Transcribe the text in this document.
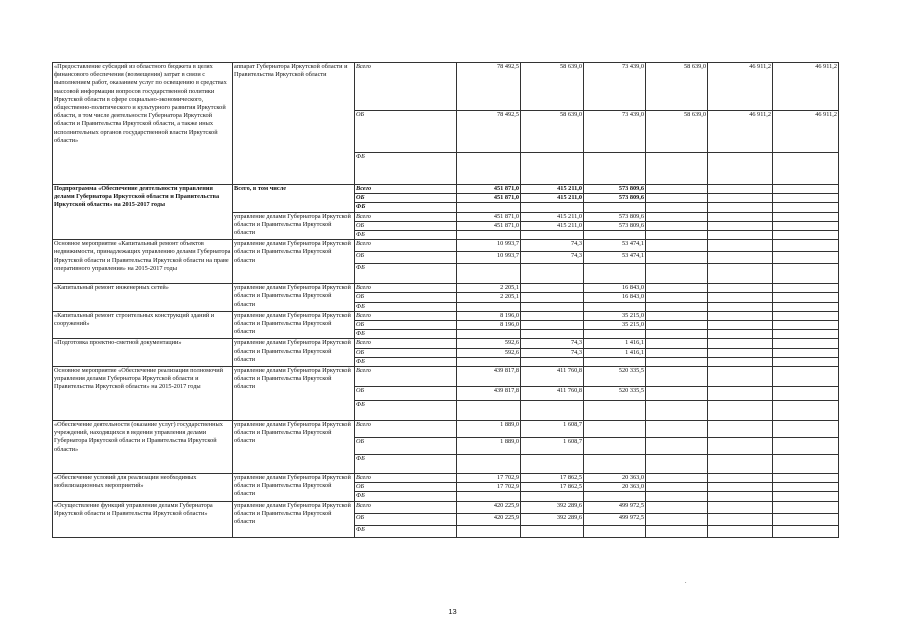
«Предоставление субсидий из областного бюджета в целях финансового обеспечения (возмещения) затрат в связи с выполнением работ, оказанием услуг по освещению в средствах массовой информации вопросов государственной политики Иркутской области в сфере социально-экономического, общественно-политического и культурного развития Иркутской области, в том числе деятельности Губернатора Иркутской области и Правительства Иркутской области, а также иных исполнительных органов государственной власти Иркутской области»	аппарат Губернатора Иркутской области и Правительства Иркутской области	Всего	78 492,5	58 639,0	73 439,0	58 639,0	46 911,2	46 911,2
		ОБ	78 492,5	58 639,0	73 439,0	58 639,0	46 911,2	46 911,2
		ФБ						
Подпрограмма «Обеспечение деятельности управления делами Губернатора Иркутской области и Правительства Иркутской области» на 2015-2017 годы	Всего, в том числе	Всего	451 871,0	415 211,0	573 809,6			
		ОБ	451 871,0	415 211,0	573 809,6			
		ФБ						
	управление делами Губернатора Иркутской области и Правительства Иркутской области	Всего	451 871,0	415 211,0	573 809,6			
		ОБ	451 871,0	415 211,0	573 809,6			
		ФБ						
Основное мероприятие «Капитальный ремонт объектов недвижимости, принадлежащих управлению делами Губернатора Иркутской области и Правительства Иркутской области на праве оперативного управления» на 2015-2017 годы	управление делами Губернатора Иркутской области и Правительства Иркутской области	Всего	10 993,7	74,3	53 474,1			
		ОБ	10 993,7	74,3	53 474,1			
		ФБ						
«Капитальный ремонт инженерных сетей»	управление делами Губернатора Иркутской области и Правительства Иркутской области	Всего	2 205,1		16 843,0			
		ОБ	2 205,1		16 843,0			
		ФБ						
«Капитальный ремонт строительных конструкций зданий и сооружений»	управление делами Губернатора Иркутской области и Правительства Иркутской области	Всего	8 196,0		35 215,0			
		ОБ	8 196,0		35 215,0			
		ФБ						
«Подготовка проектно-сметной документации»	управление делами Губернатора Иркутской области и Правительства Иркутской области	Всего	592,6	74,3	1 416,1			
		ОБ	592,6	74,3	1 416,1			
		ФБ						
Основное мероприятие «Обеспечение реализации полномочий управления делами Губернатора Иркутской области и Правительства Иркутской области» на 2015-2017 годы	управление делами Губернатора Иркутской области и Правительства Иркутской области	Всего	439 817,8	411 760,8	520 335,5			
		ОБ	439 817,8	411 760,8	520 335,5			
		ФБ						
«Обеспечение деятельности (оказание услуг) государственных учреждений, находящихся в ведении управления делами Губернатора Иркутской области и Правительства Иркутской области»	управление делами Губернатора Иркутской области и Правительства Иркутской области	Всего	1 889,0	1 608,7				
		ОБ	1 889,0	1 608,7				
		ФБ						
«Обеспечение условий для реализации необходимых мобилизационных мероприятий»	управление делами Губернатора Иркутской области и Правительства Иркутской области	Всего	17 702,9	17 862,5	20 363,0			
		ОБ	17 702,9	17 862,5	20 363,0			
		ФБ						
«Осуществление функций управления делами Губернатора Иркутской области и Правительства Иркутской области»	управление делами Губернатора Иркутской области и Правительства Иркутской области	Всего	420 225,9	392 289,6	499 972,5			
		ОБ	420 225,9	392 289,6	499 972,5			
		ФБ						
.
13
